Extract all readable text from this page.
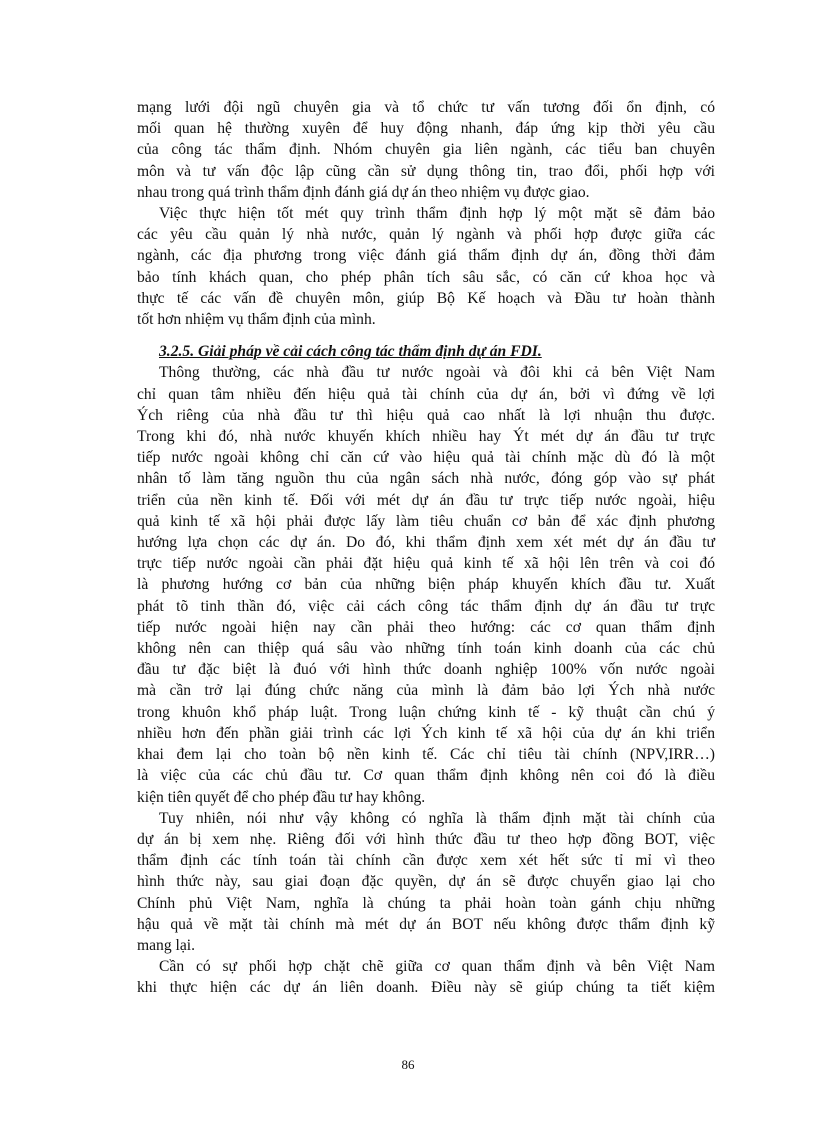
mạng lưới đội ngũ chuyên gia và tổ chức tư vấn tương đối ổn định, có
mối quan hệ thường xuyên để huy động nhanh, đáp ứng kịp thời yêu cầu
của công tác thẩm định. Nhóm chuyên gia liên ngành, các tiểu ban chuyên
môn và tư vấn độc lập cũng cần sử dụng thông tin, trao đổi, phối hợp với
nhau trong quá trình thẩm định đánh giá dự án theo nhiệm vụ được giao.
Việc thực hiện tốt mét quy trình thẩm định hợp lý một mặt sẽ đảm bảo
các yêu cầu quản lý nhà nước, quản lý ngành và phối hợp được giữa các
ngành, các địa phương trong việc đánh giá thẩm định dự án, đồng thời đảm
bảo tính khách quan, cho phép phân tích sâu sắc, có căn cứ khoa học và
thực tế các vấn đề chuyên môn, giúp Bộ Kế hoạch và Đầu tư hoàn thành
tốt hơn nhiệm vụ thẩm định của mình.
3.2.5. Giải pháp về cải cách công tác thẩm định dự án FDI.
Thông thường, các nhà đầu tư nước ngoài và đôi khi cả bên Việt Nam
chỉ quan tâm nhiều đến hiệu quả tài chính của dự án, bởi vì đứng về lợi
Ých riêng của nhà đầu tư thì hiệu quả cao nhất là lợi nhuận thu được.
Trong khi đó, nhà nước khuyến khích nhiều hay Ýt mét dự án đầu tư trực
tiếp nước ngoài không chỉ căn cứ vào hiệu quả tài chính mặc dù đó là một
nhân tố làm tăng nguồn thu của ngân sách nhà nước, đóng góp vào sự phát
triển của nền kinh tế. Đối với mét dự án đầu tư trực tiếp nước ngoài, hiệu
quả kinh tế xã hội phải được lấy làm tiêu chuẩn cơ bản để xác định phương
hướng lựa chọn các dự án. Do đó, khi thẩm định xem xét mét dự án đầu tư
trực tiếp nước ngoài cần phải đặt hiệu quả kinh tế xã hội lên trên và coi đó
là phương hướng cơ bản của những biện pháp khuyến khích đầu tư. Xuất
phát tõ tinh thần đó, việc cải cách công tác thẩm định dự án đầu tư trực
tiếp nước ngoài hiện nay cần phải theo hướng: các cơ quan thẩm định
không nên can thiệp quá sâu vào những tính toán kinh doanh của các chủ
đầu tư đặc biệt là đuó với hình thức doanh nghiệp 100% vốn nước ngoài
mà cần trở lại đúng chức năng của mình là đảm bảo lợi Ých nhà nước
trong khuôn khổ pháp luật. Trong luận chứng kinh tế - kỹ thuật cần chú ý
nhiều hơn đến phần giải trình các lợi Ých kinh tế xã hội của dự án khi triển
khai đem lại cho toàn bộ nền kinh tế. Các chỉ tiêu tài chính (NPV,IRR…)
là việc của các chủ đầu tư. Cơ quan thẩm định không nên coi đó là điều
kiện tiên quyết để cho phép đầu tư hay không.
Tuy nhiên, nói như vậy không có nghĩa là thẩm định mặt tài chính của
dự án bị xem nhẹ. Riêng đối với hình thức đầu tư theo hợp đồng BOT, việc
thẩm định các tính toán tài chính cần được xem xét hết sức tỉ mỉ vì theo
hình thức này, sau giai đoạn đặc quyền, dự án sẽ được chuyển giao lại cho
Chính phủ Việt Nam, nghĩa là chúng ta phải hoàn toàn gánh chịu những
hậu quả về mặt tài chính mà mét dự án BOT nếu không được thẩm định kỹ
mang lại.
Cần có sự phối hợp chặt chẽ giữa cơ quan thẩm định và bên Việt Nam
khi thực hiện các dự án liên doanh. Điều này sẽ giúp chúng ta tiết kiệm
86
